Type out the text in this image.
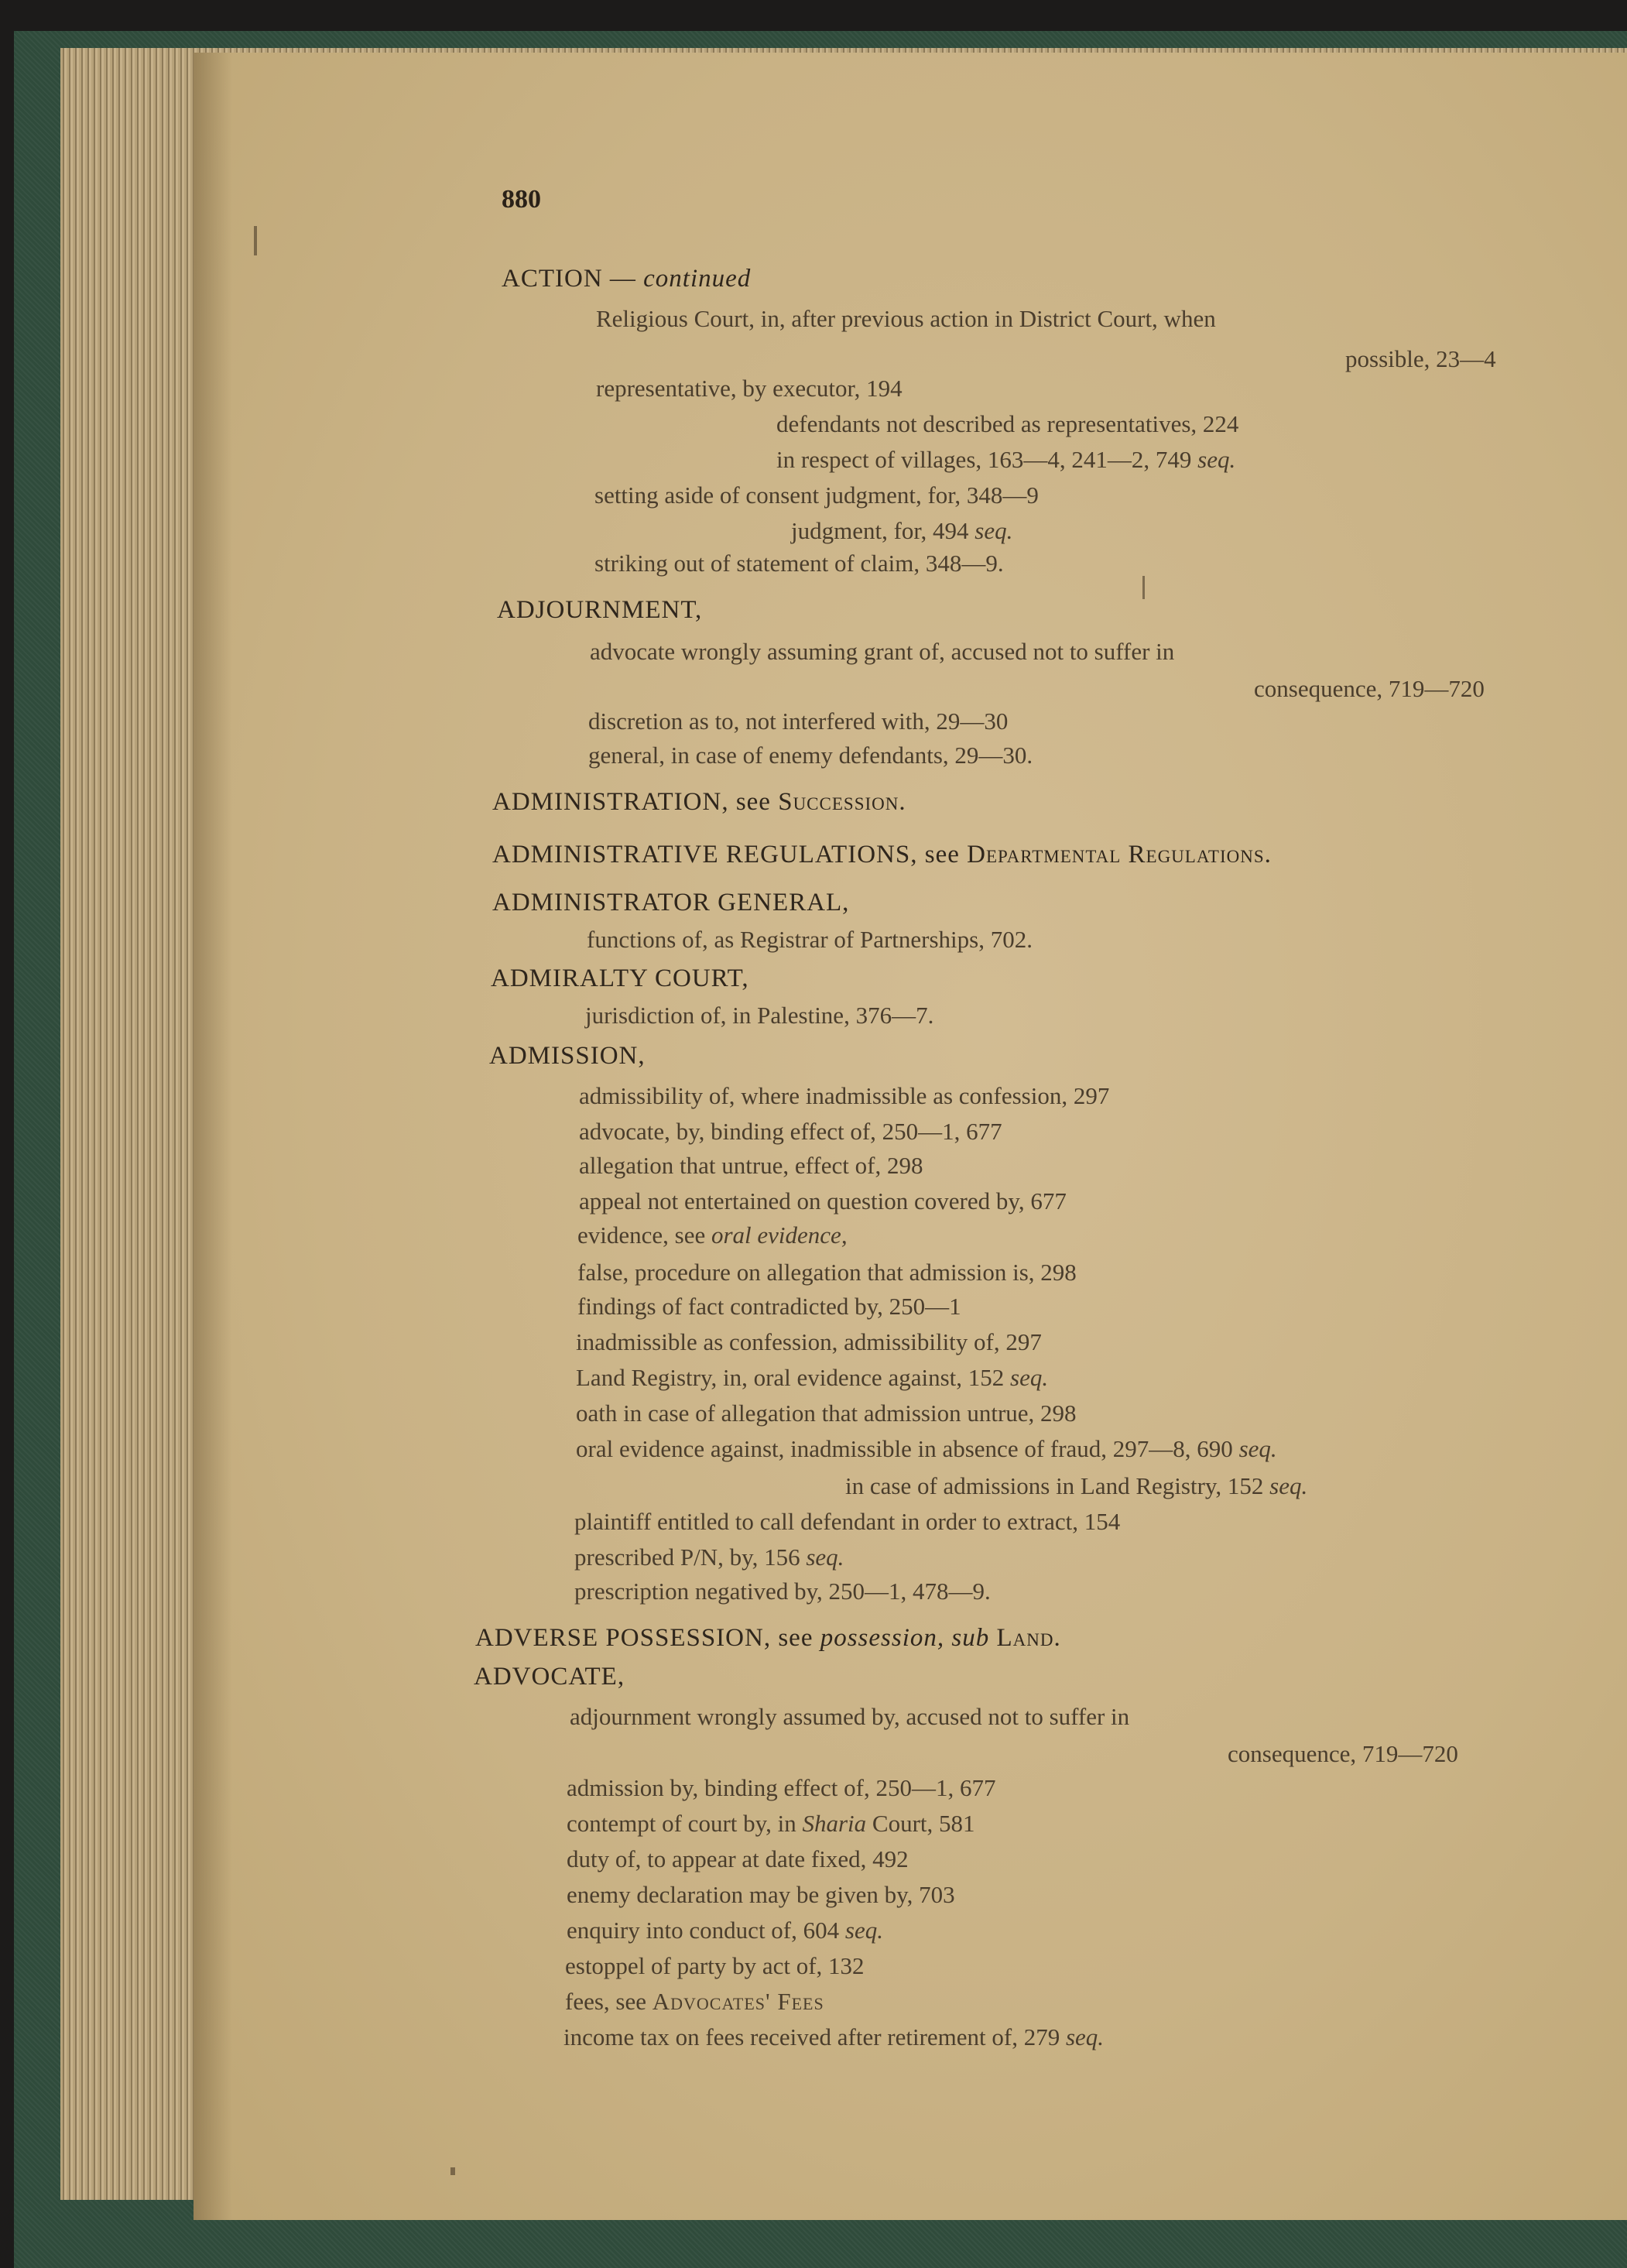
880
ACTION — continued
Religious Court, in, after previous action in District Court, when
possible, 23—4
representative, by executor, 194
defendants not described as representatives, 224
in respect of villages, 163—4, 241—2, 749 seq.
setting aside of consent judgment, for, 348—9
judgment, for, 494 seq.
striking out of statement of claim, 348—9.
ADJOURNMENT,
advocate wrongly assuming grant of, accused not to suffer in
consequence, 719—720
discretion as to, not interfered with, 29—30
general, in case of enemy defendants, 29—30.
ADMINISTRATION, see Succession.
ADMINISTRATIVE REGULATIONS, see Departmental Regulations.
ADMINISTRATOR GENERAL,
functions of, as Registrar of Partnerships, 702.
ADMIRALTY COURT,
jurisdiction of, in Palestine, 376—7.
ADMISSION,
admissibility of, where inadmissible as confession, 297
advocate, by, binding effect of, 250—1, 677
allegation that untrue, effect of, 298
appeal not entertained on question covered by, 677
evidence, see oral evidence,
false, procedure on allegation that admission is, 298
findings of fact contradicted by, 250—1
inadmissible as confession, admissibility of, 297
Land Registry, in, oral evidence against, 152 seq.
oath in case of allegation that admission untrue, 298
oral evidence against, inadmissible in absence of fraud, 297—8, 690 seq.
in case of admissions in Land Registry, 152 seq.
plaintiff entitled to call defendant in order to extract, 154
prescribed P/N, by, 156 seq.
prescription negatived by, 250—1, 478—9.
ADVERSE POSSESSION, see possession, sub Land.
ADVOCATE,
adjournment wrongly assumed by, accused not to suffer in
consequence, 719—720
admission by, binding effect of, 250—1, 677
contempt of court by, in Sharia Court, 581
duty of, to appear at date fixed, 492
enemy declaration may be given by, 703
enquiry into conduct of, 604 seq.
estoppel of party by act of, 132
fees, see Advocates' Fees
income tax on fees received after retirement of, 279 seq.
